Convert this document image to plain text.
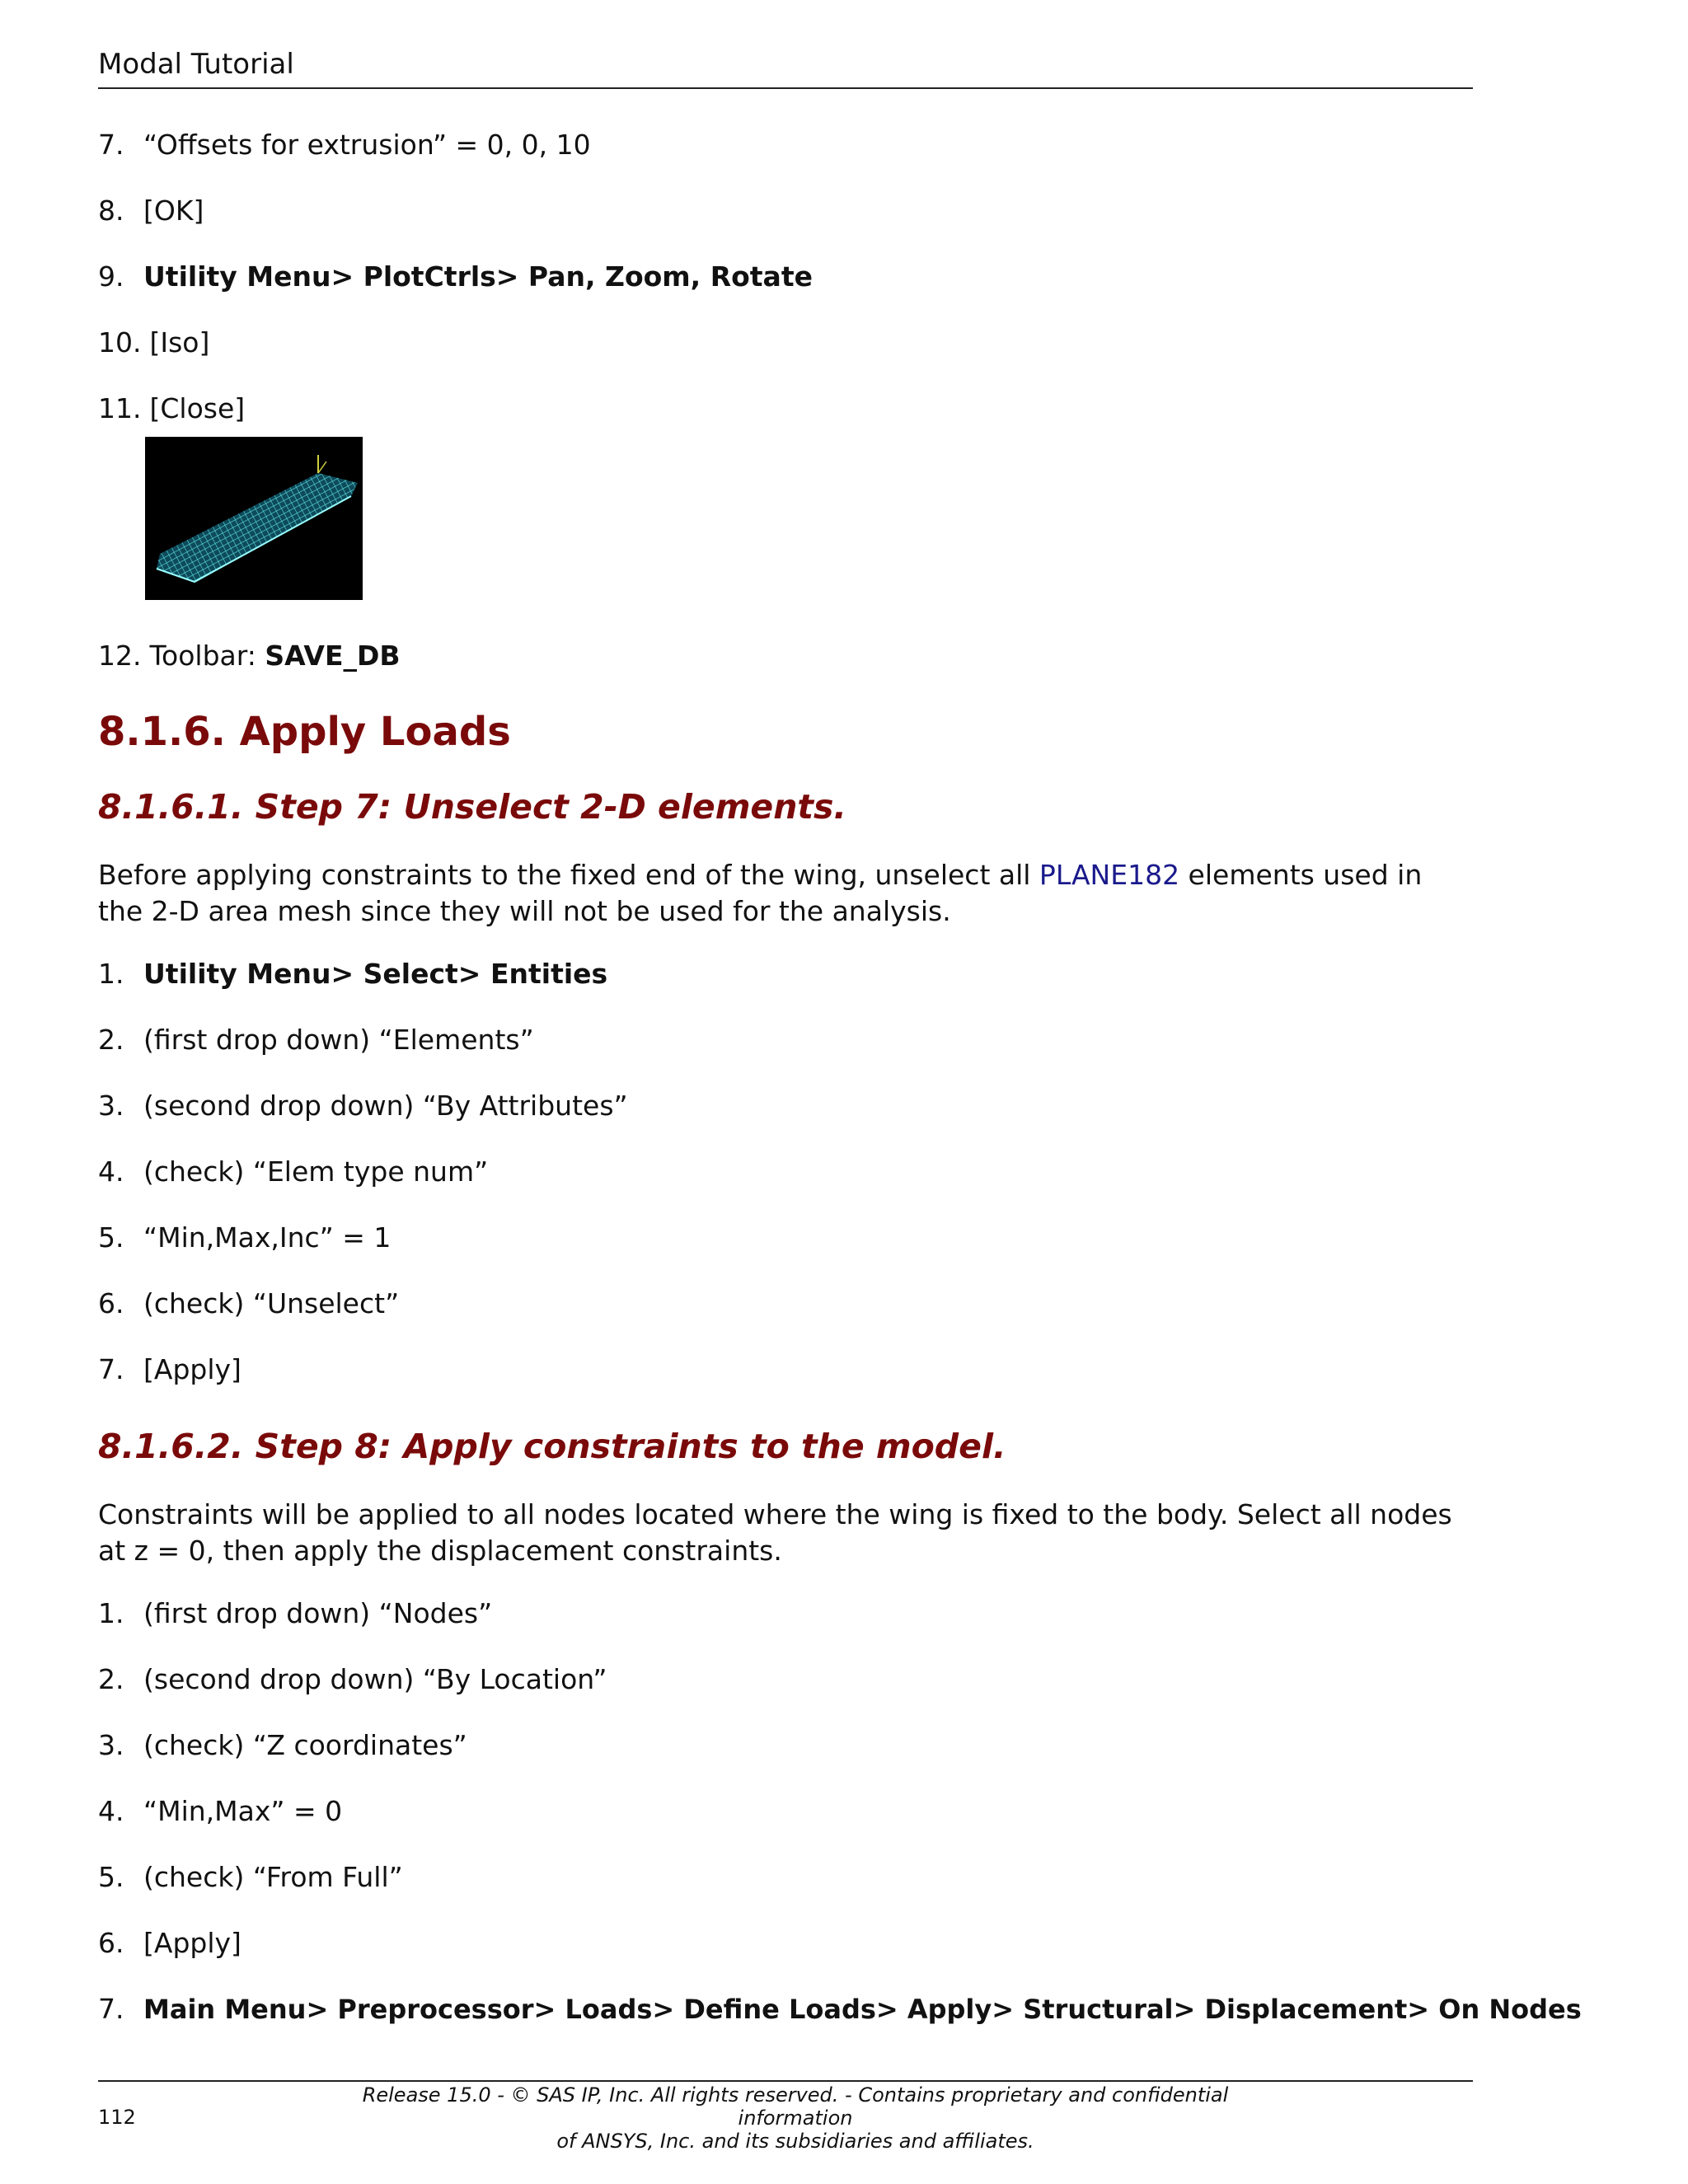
Modal Tutorial
7. “Offsets for extrusion” = 0, 0, 10
8. [OK]
9. Utility Menu> PlotCtrls> Pan, Zoom, Rotate
10. [Iso]
11. [Close]
12. Toolbar: SAVE_DB
8.1.6. Apply Loads
8.1.6.1. Step 7: Unselect 2-D elements.
Before applying constraints to the fixed end of the wing, unselect all PLANE182 elements used in the 2-D area mesh since they will not be used for the analysis.
1. Utility Menu> Select> Entities
2. (first drop down) “Elements”
3. (second drop down) “By Attributes”
4. (check) “Elem type num”
5. “Min,Max,Inc” = 1
6. (check) “Unselect”
7. [Apply]
8.1.6.2. Step 8: Apply constraints to the model.
Constraints will be applied to all nodes located where the wing is fixed to the body. Select all nodes at z = 0, then apply the displacement constraints.
1. (first drop down) “Nodes”
2. (second drop down) “By Location”
3. (check) “Z coordinates”
4. “Min,Max” = 0
5. (check) “From Full”
6. [Apply]
7. Main Menu> Preprocessor> Loads> Define Loads> Apply> Structural> Displacement> On Nodes
112
Release 15.0 - © SAS IP, Inc. All rights reserved. - Contains proprietary and confidential information
of ANSYS, Inc. and its subsidiaries and affiliates.
